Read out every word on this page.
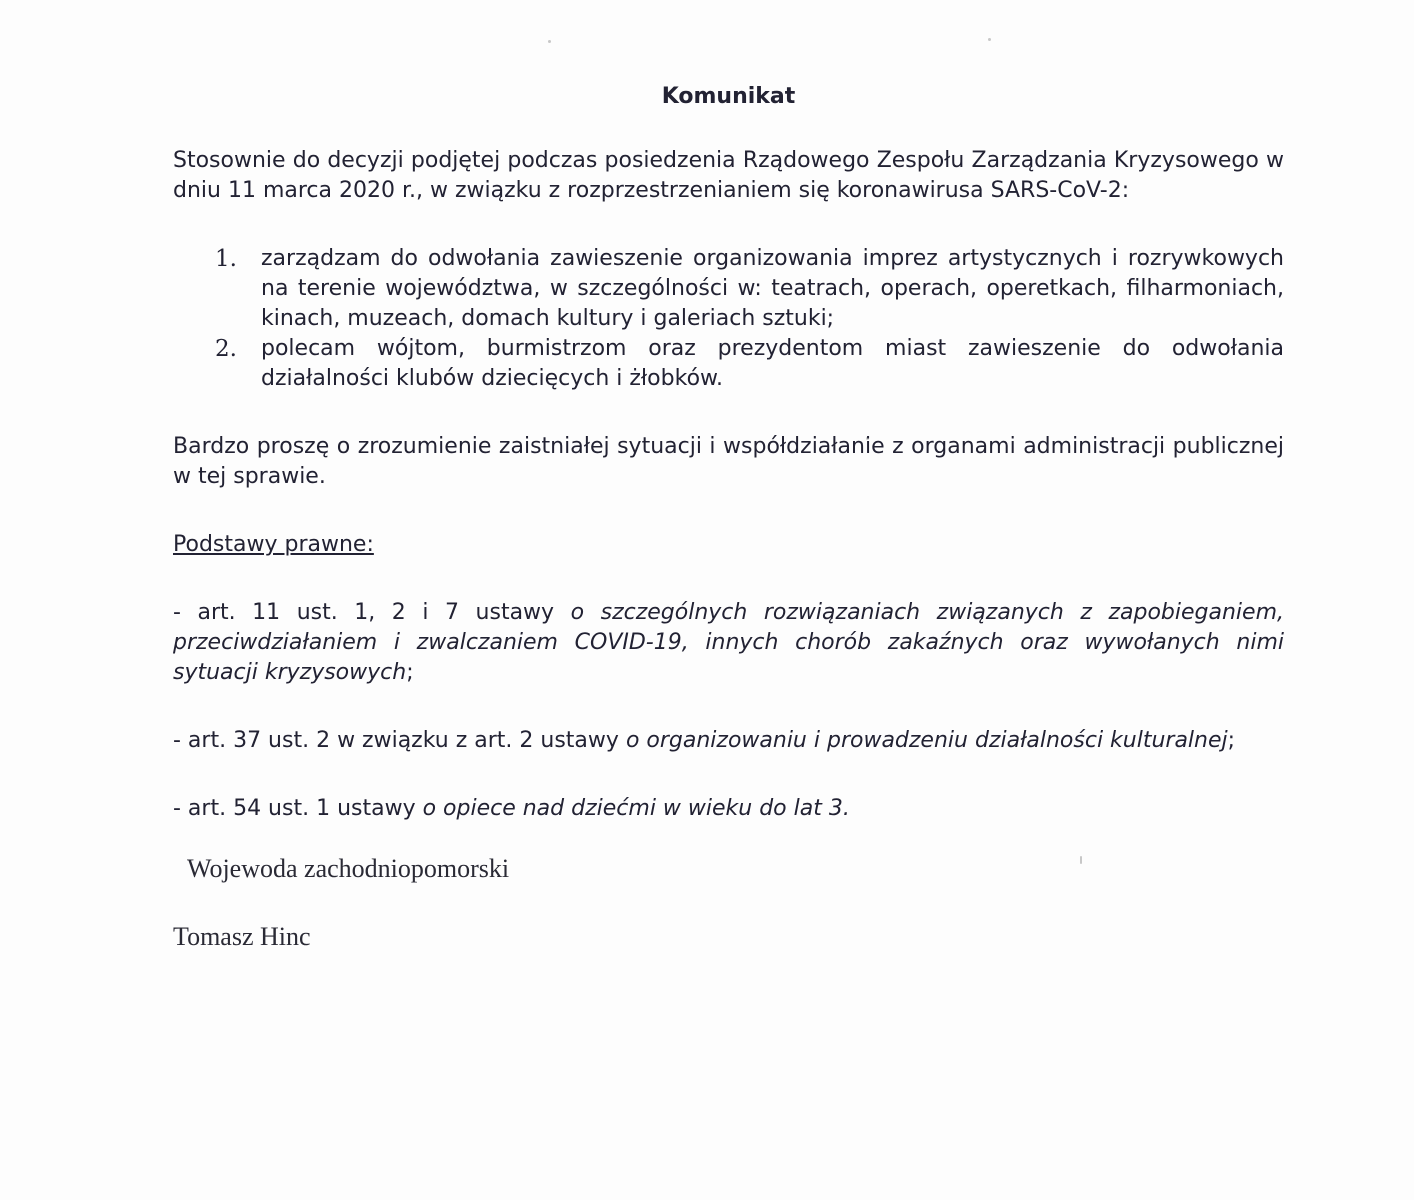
Komunikat

Stosownie do decyzji podjętej podczas posiedzenia Rządowego Zespołu Zarządzania Kryzysowego w dniu 11 marca 2020 r., w związku z rozprzestrzenianiem się koronawirusa SARS-CoV-2:

1. zarządzam do odwołania zawieszenie organizowania imprez artystycznych i rozrywkowych na terenie województwa, w szczególności w: teatrach, operach, operetkach, filharmoniach, kinach, muzeach, domach kultury i galeriach sztuki;
2. polecam wójtom, burmistrzom oraz prezydentom miast zawieszenie do odwołania działalności klubów dziecięcych i żłobków.

Bardzo proszę o zrozumienie zaistniałej sytuacji i współdziałanie z organami administracji publicznej w tej sprawie.

Podstawy prawne:

- art. 11 ust. 1, 2 i 7 ustawy o szczególnych rozwiązaniach związanych z zapobieganiem, przeciwdziałaniem i zwalczaniem COVID-19, innych chorób zakaźnych oraz wywołanych nimi sytuacji kryzysowych;

- art. 37 ust. 2 w związku z art. 2 ustawy o organizowaniu i prowadzeniu działalności kulturalnej;

- art. 54 ust. 1 ustawy o opiece nad dziećmi w wieku do lat 3.

Wojewoda zachodniopomorski

Tomasz Hinc
